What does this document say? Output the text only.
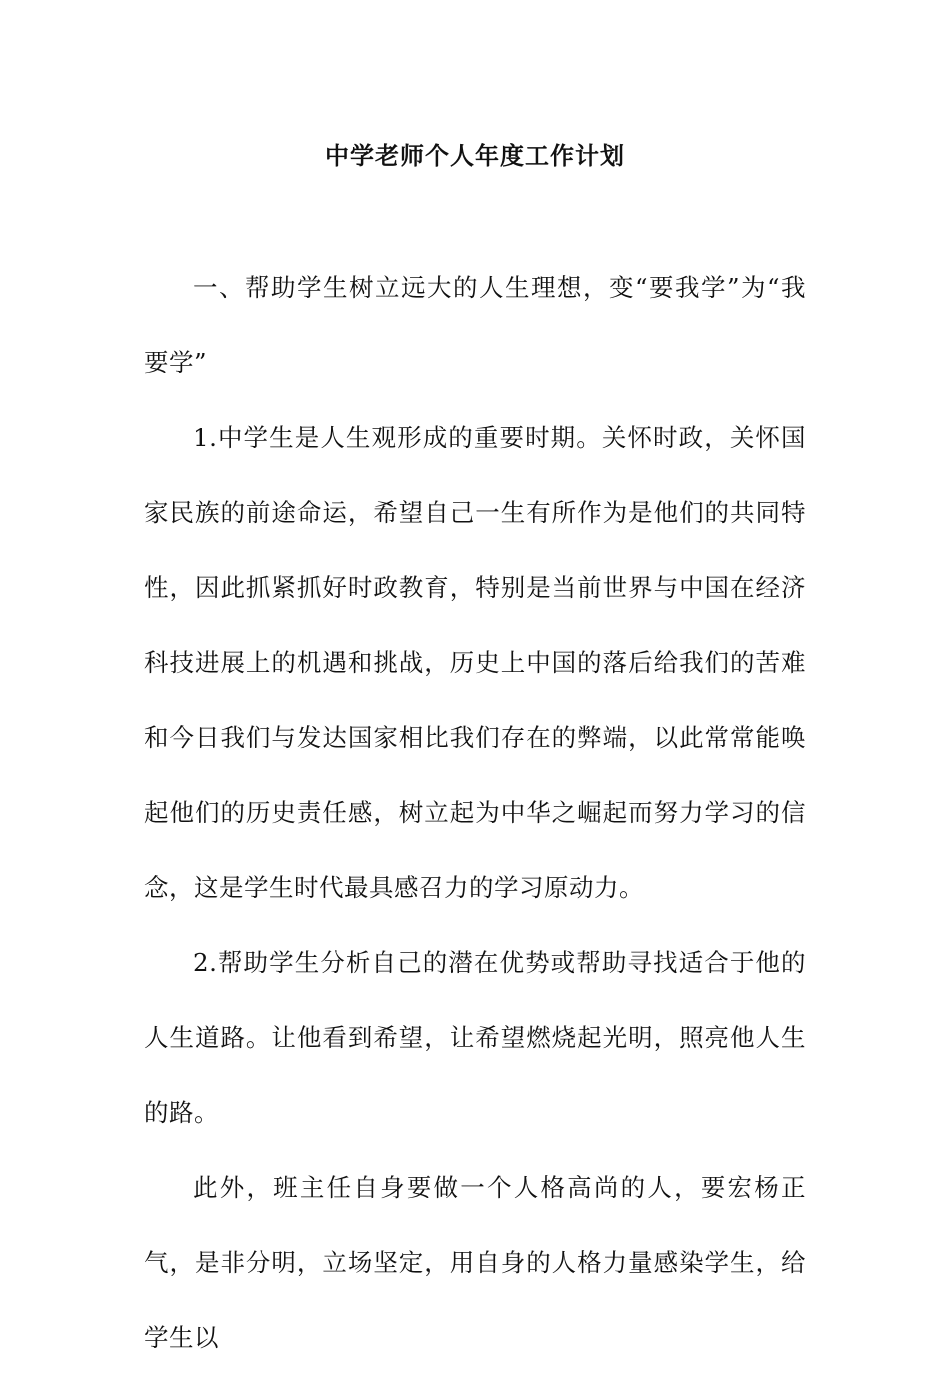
中学老师个人年度工作计划

一、帮助学生树立远大的人生理想，变“要我学”为“我要学”

1.中学生是人生观形成的重要时期。关怀时政，关怀国家民族的前途命运，希望自己一生有所作为是他们的共同特性，因此抓紧抓好时政教育，特别是当前世界与中国在经济科技进展上的机遇和挑战，历史上中国的落后给我们的苦难和今日我们与发达国家相比我们存在的弊端，以此常常能唤起他们的历史责任感，树立起为中华之崛起而努力学习的信念，这是学生时代最具感召力的学习原动力。

2.帮助学生分析自己的潜在优势或帮助寻找适合于他的人生道路。让他看到希望，让希望燃烧起光明，照亮他人生的路。

此外，班主任自身要做一个人格高尚的人，要宏杨正气，是非分明，立场坚定，用自身的人格力量感染学生，给学生以
